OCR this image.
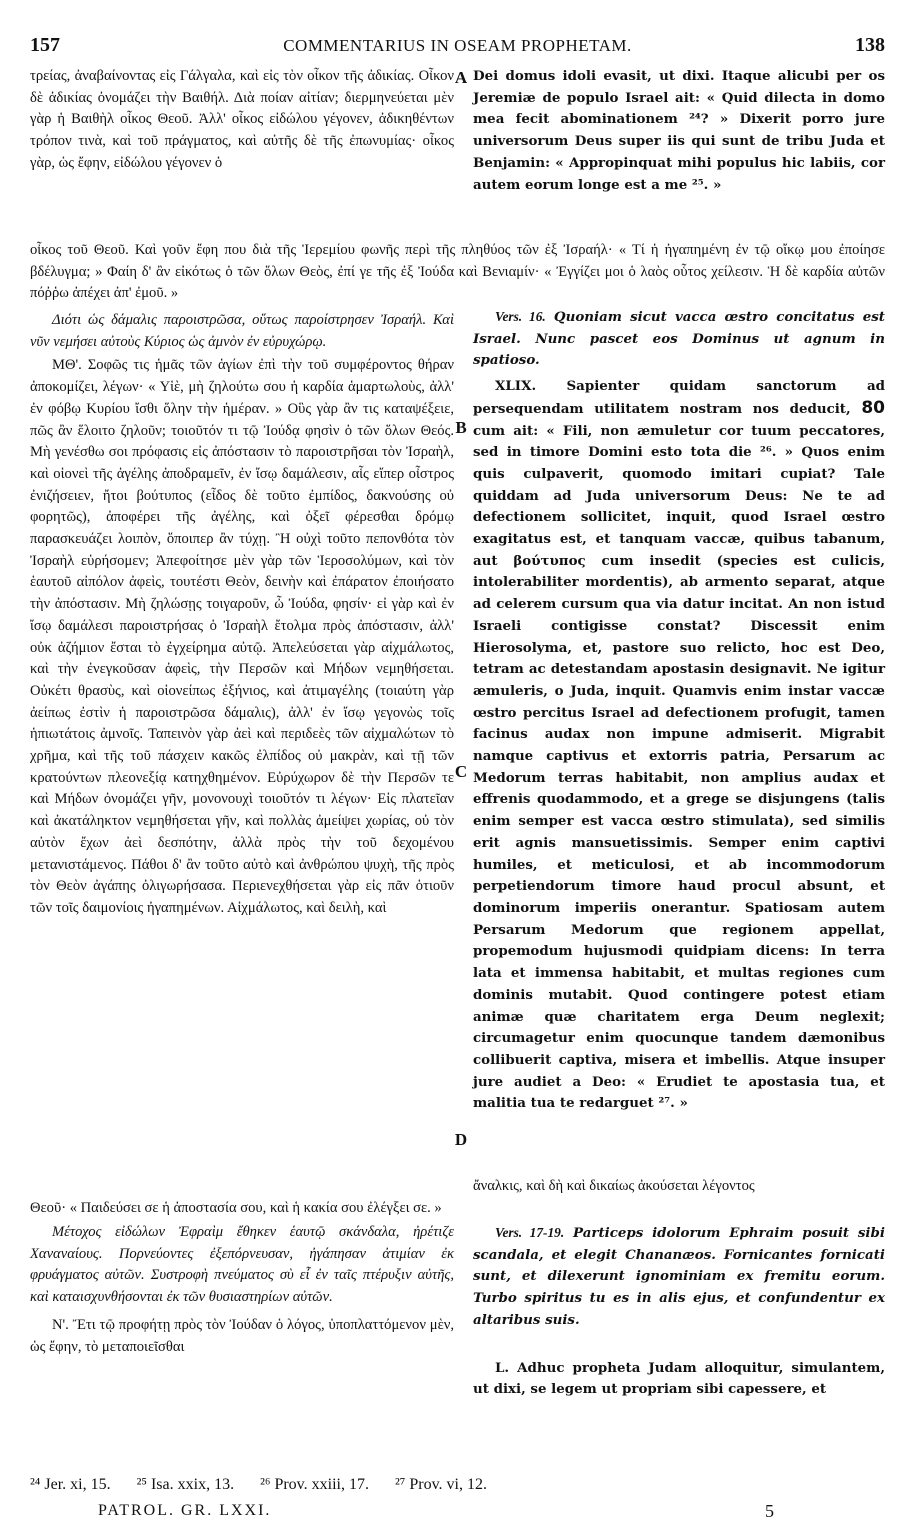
157	COMMENTARIUS IN OSEAM PROPHETAM.	138

τρείας, ἀναβαίνοντας εἰς Γάλγαλα, καὶ εἰς τὸν οἶκον τῆς ἀδικίας. Οἶκον δὲ ἀδικίας ὀνομάζει τὴν Βαιθήλ. Διὰ ποίαν αἰτίαν; διερμηνεύεται μὲν γὰρ ἡ Βαιθὴλ οἶκος Θεοῦ. Ἀλλ' οἶκος εἰδώλου γέγονεν, ἀδικηθέντων τρόπον τινὰ, καὶ τοῦ πράγματος, καὶ αὐτῆς δὲ τῆς ἐπωνυμίας· οἶκος γὰρ, ὡς ἔφην, εἰδώλου γέγονεν ὁ

A Dei domus idoli evasit, ut dixi. Itaque alicubi per os Jeremiæ de populo Israel ait: « Quid dilecta in domo mea fecit abominationem ²⁴? » Dixerit porro jure universorum Deus super iis qui sunt de tribu Juda et Benjamin: « Appropinquat mihi populus hic labiis, cor autem eorum longe est a me ²⁵. »

οἶκος τοῦ Θεοῦ. Καὶ γοῦν ἔφη που διὰ τῆς Ἱερεμίου φωνῆς περὶ τῆς πληθύος τῶν ἐξ Ἰσραήλ· « Τί ἡ ἠγαπημένη ἐν τῷ οἴκῳ μου ἐποίησε βδέλυγμα; » Φαίη δ' ἂν εἰκότως ὁ τῶν ὅλων Θεὸς, ἐπί γε τῆς ἐξ Ἰούδα καὶ Βενιαμίν· « Ἐγγίζει μοι ὁ λαὸς οὗτος χείλεσιν. Ἡ δὲ καρδία αὐτῶν πόῤῥω ἀπέχει ἀπ' ἐμοῦ. »

Διότι ὡς δάμαλις παροιστρῶσα, οὕτως παροίστρησεν Ἰσραήλ. Καὶ νῦν νεμήσει αὐτοὺς Κύριος ὡς ἀμνὸν ἐν εὐρυχώρῳ.

ΜΘ'. Σοφῶς τις ἡμᾶς τῶν ἁγίων ἐπὶ τὴν τοῦ συμφέροντος θήραν ἀποκομίζει, λέγων· « Υἱὲ, μὴ ζηλούτω σου ἡ καρδία ἁμαρτωλοὺς, ἀλλ' ἐν φόβῳ Κυρίου ἴσθι ὅλην τὴν ἡμέραν. » Οὓς γὰρ ἂν τις καταψέξειε, πῶς ἂν ἕλοιτο ζηλοῦν; τοιοῦτόν τι τῷ Ἰούδᾳ φησὶν ὁ τῶν ὅλων Θεός. Μὴ γενέσθω σοι πρόφασις εἰς ἀπόστασιν τὸ παροιστρῆσαι τὸν Ἰσραὴλ, καὶ οἱονεὶ τῆς ἀγέλης ἀποδραμεῖν, ἐν ἴσῳ δαμάλεσιν, αἷς εἴπερ οἶστρος ἐνιζήσειεν, ἤτοι βούτυπος (εἶδος δὲ τοῦτο ἐμπίδος, δακνούσης οὐ φορητῶς), ἀποφέρει τῆς ἀγέλης, καὶ ὀξεῖ φέρεσθαι δρόμῳ παρασκευάζει λοιπὸν, ὅποιπερ ἂν τύχῃ. Ἢ οὐχὶ τοῦτο πεπονθότα τὸν Ἰσραὴλ εὑρήσομεν; Ἀπεφοίτησε μὲν γὰρ τῶν Ἱεροσολύμων, καὶ τὸν ἑαυτοῦ αἰπόλον ἀφεὶς, τουτέστι Θεὸν, δεινὴν καὶ ἐπάρατον ἐποιήσατο τὴν ἀπόστασιν. Μὴ ζηλώσῃς τοιγαροῦν, ὦ Ἰούδα, φησίν· εἰ γὰρ καὶ ἐν ἴσῳ δαμάλεσι παροιστρήσας ὁ Ἰσραὴλ ἔτολμα πρὸς ἀπόστασιν, ἀλλ' οὐκ ἀζήμιον ἔσται τὸ ἐγχείρημα αὐτῷ. Ἀπελεύσεται γὰρ αἰχμάλωτος, καὶ τὴν ἐνεγκοῦσαν ἀφεὶς, τὴν Περσῶν καὶ Μήδων νεμηθήσεται. Οὐκέτι θρασὺς, καὶ οἱονείπως ἐξήνιος, καὶ ἀτιμαγέλης (τοιαύτη γὰρ ἀείπως ἐστὶν ἡ παροιστρῶσα δάμαλις), ἀλλ' ἐν ἴσῳ γεγονὼς τοῖς ἡπιωτάτοις ἀμνοῖς. Ταπεινὸν γὰρ ἀεὶ καὶ περιδεὲς τῶν αἰχμαλώτων τὸ χρῆμα, καὶ τῆς τοῦ πάσχειν κακῶς ἐλπίδος οὐ μακρὰν, καὶ τῇ τῶν κρατούντων πλεονεξίᾳ κατηχθημένον. Εὐρύχωρον δὲ τὴν Περσῶν τε καὶ Μήδων ὀνομάζει γῆν, μονονουχὶ τοιοῦτόν τι λέγων· Εἰς πλατεῖαν καὶ ἀκατάληκτον νεμηθήσεται γῆν, καὶ πολλὰς ἀμείψει χωρίας, οὐ τὸν αὐτὸν ἔχων ἀεὶ δεσπότην, ἀλλὰ πρὸς τὴν τοῦ δεχομένου μετανιστάμενος. Πάθοι δ' ἂν τοῦτο αὐτὸ καὶ ἀνθρώπου ψυχὴ, τῆς πρὸς τὸν Θεὸν ἀγάπης ὀλιγωρήσασα. Περιενεχθήσεται γὰρ εἰς πᾶν ὁτιοῦν τῶν τοῖς δαιμονίοις ἠγαπημένων. Αἰχμάλωτος, καὶ δειλὴ, καὶ

B
C
D

Vers. 16. Quoniam sicut vacca œstro concitatus est Israel. Nunc pascet eos Dominus ut agnum in spatioso.

XLIX. Sapienter quidam sanctorum ad persequendam utilitatem nostram nos deducit, 80 cum ait: « Fili, non æmuletur cor tuum peccatores, sed in timore Domini esto tota die ²⁶. » Quos enim quis culpaverit, quomodo imitari cupiat? Tale quiddam ad Juda universorum Deus: Ne te ad defectionem sollicitet, inquit, quod Israel œstro exagitatus est, et tanquam vaccæ, quibus tabanum, aut βούτυπος cum insedit (species est culicis, intolerabiliter mordentis), ab armento separat, atque ad celerem cursum qua via datur incitat. An non istud Israeli contigisse constat? Discessit enim Hierosolyma, et, pastore suo relicto, hoc est Deo, tetram ac detestandam apostasin designavit. Ne igitur æmuleris, o Juda, inquit. Quamvis enim instar vaccæ œstro percitus Israel ad defectionem profugit, tamen facinus audax non impune admiserit. Migrabit namque captivus et extorris patria, Persarum ac Medorum terras habitabit, non amplius audax et effrenis quodammodo, et a grege se disjungens (talis enim semper est vacca œstro stimulata), sed similis erit agnis mansuetissimis. Semper enim captivi humiles, et meticulosi, et ab incommodorum perpetiendorum timore haud procul absunt, et dominorum imperiis onerantur. Spatiosam autem Persarum Medorum que regionem appellat, propemodum hujusmodi quidpiam dicens: In terra lata et immensa habitabit, et multas regiones cum dominis mutabit. Quod contingere potest etiam animæ quæ charitatem erga Deum neglexit; circumagetur enim quocunque tandem dæmonibus collibuerit captiva, misera et imbellis. Atque insuper jure audiet a Deo: « Erudiet te apostasia tua, et malitia tua te redarguet ²⁷. »

ἄναλκις, καὶ δὴ καὶ δικαίως ἀκούσεται λέγοντος

Θεοῦ· « Παιδεύσει σε ἡ ἀποστασία σου, καὶ ἡ κακία σου ἐλέγξει σε. »

Μέτοχος εἰδώλων Ἐφραὶμ ἔθηκεν ἑαυτῷ σκάνδαλα, ἠρέτιζε Χαναναίους. Πορνεύοντες ἐξεπόρνευσαν, ἠγάπησαν ἀτιμίαν ἐκ φρυάγματος αὐτῶν. Συστροφὴ πνεύματος σὺ εἶ ἐν ταῖς πτέρυξιν αὐτῆς, καὶ καταισχυνθήσονται ἐκ τῶν θυσιαστηρίων αὐτῶν.

Ν'. Ἔτι τῷ προφήτῃ πρὸς τὸν Ἰούδαν ὁ λόγος, ὑποπλαττόμενον μὲν, ὡς ἔφην, τὸ μεταποιεῖσθαι

Vers. 17-19. Particeps idolorum Ephraim posuit sibi scandala, et elegit Chananæos. Fornicantes fornicati sunt, et dilexerunt ignominiam ex fremitu eorum. Turbo spiritus tu es in alis ejus, et confundentur ex altaribus suis.

L. Adhuc propheta Judam alloquitur, simulantem, ut dixi, se legem ut propriam sibi capessere, et

²⁴ Jer. xi, 15. ²⁵ Isa. xxix, 13. ²⁶ Prov. xxiii, 17. ²⁷ Prov. vi, 12.
PATROL. GR. LXXI.	5
